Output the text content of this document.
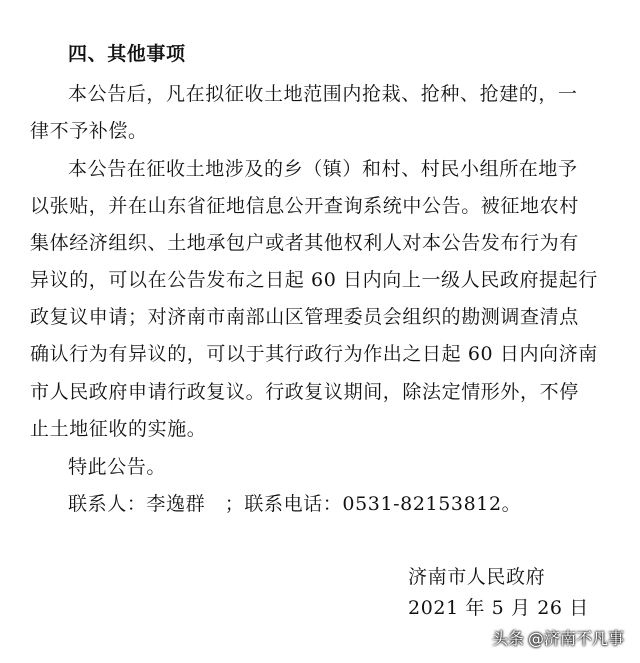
四、其他事项
本公告后，凡在拟征收土地范围内抢栽、抢种、抢建的，一
律不予补偿。
本公告在征收土地涉及的乡（镇）和村、村民小组所在地予
以张贴，并在山东省征地信息公开查询系统中公告。被征地农村
集体经济组织、土地承包户或者其他权利人对本公告发布行为有
异议的，可以在公告发布之日起 60 日内向上一级人民政府提起行
政复议申请；对济南市南部山区管理委员会组织的勘测调查清点
确认行为有异议的，可以于其行政行为作出之日起 60 日内向济南
市人民政府申请行政复议。行政复议期间，除法定情形外，不停
止土地征收的实施。
特此公告。
联系人：李逸群　；联系电话：0531-82153812。
济南市人民政府
2021 年 5 月 26 日
头条 @济南不凡事
